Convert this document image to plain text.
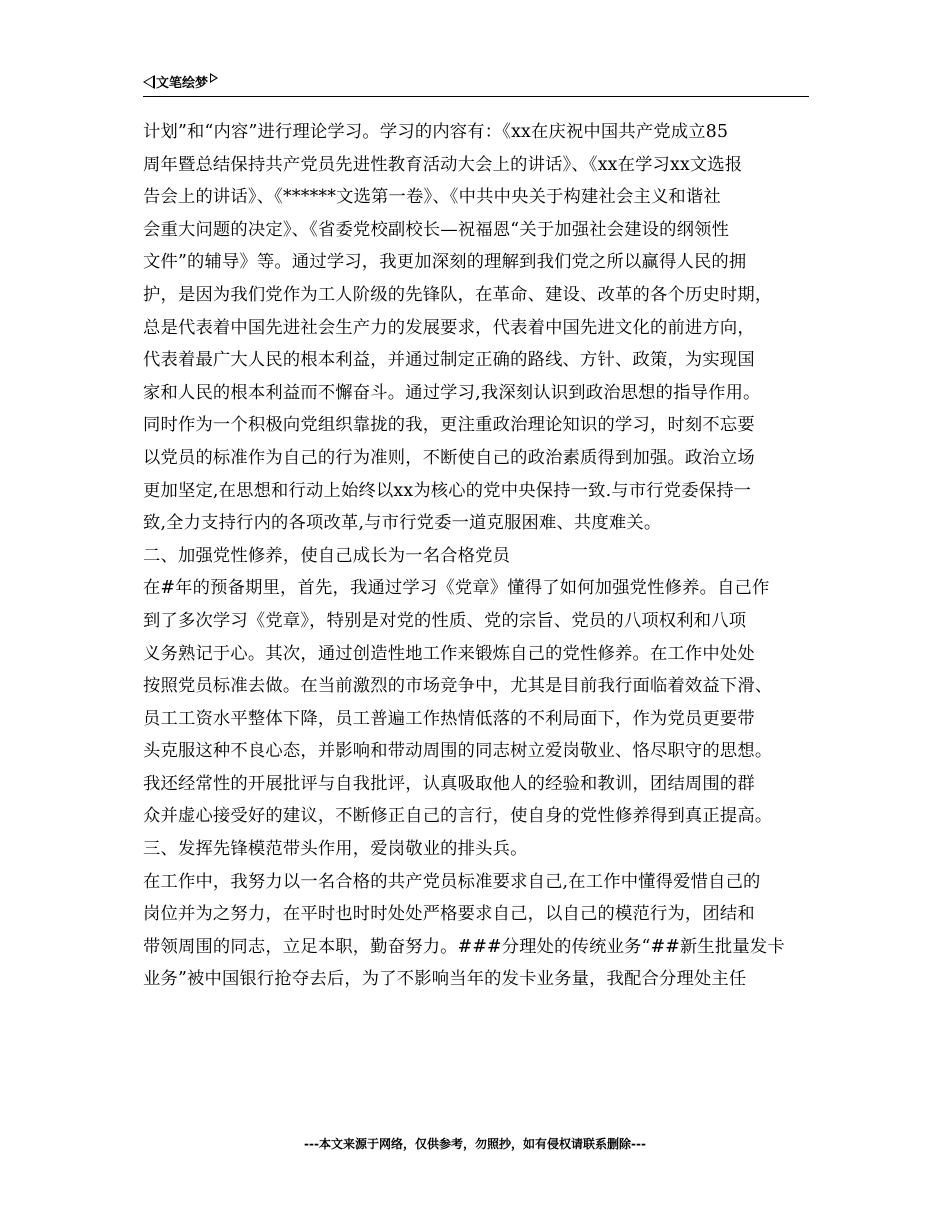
文笔绘梦
计划”和“内容”进行理论学习。学习的内容有：《xx在庆祝中国共产党成立85
周年暨总结保持共产党员先进性教育活动大会上的讲话》、《xx在学习xx文选报
告会上的讲话》、《******文选第一卷》、《中共中央关于构建社会主义和谐社
会重大问题的决定》、《省委党校副校长—祝福恩“关于加强社会建设的纲领性
文件”的辅导》等。通过学习，我更加深刻的理解到我们党之所以赢得人民的拥
护，是因为我们党作为工人阶级的先锋队，在革命、建设、改革的各个历史时期，
总是代表着中国先进社会生产力的发展要求，代表着中国先进文化的前进方向，
代表着最广大人民的根本利益，并通过制定正确的路线、方针、政策，为实现国
家和人民的根本利益而不懈奋斗。通过学习,我深刻认识到政治思想的指导作用。
同时作为一个积极向党组织靠拢的我，更注重政治理论知识的学习，时刻不忘要
以党员的标准作为自己的行为准则，不断使自己的政治素质得到加强。政治立场
更加坚定,在思想和行动上始终以xx为核心的党中央保持一致.与市行党委保持一
致,全力支持行内的各项改革,与市行党委一道克服困难、共度难关。
二、加强党性修养，使自己成长为一名合格党员
在#年的预备期里，首先，我通过学习《党章》懂得了如何加强党性修养。自己作
到了多次学习《党章》，特别是对党的性质、党的宗旨、党员的八项权利和八项
义务熟记于心。其次，通过创造性地工作来锻炼自己的党性修养。在工作中处处
按照党员标准去做。在当前激烈的市场竞争中，尤其是目前我行面临着效益下滑、
员工工资水平整体下降，员工普遍工作热情低落的不利局面下，作为党员更要带
头克服这种不良心态，并影响和带动周围的同志树立爱岗敬业、恪尽职守的思想。
我还经常性的开展批评与自我批评，认真吸取他人的经验和教训，团结周围的群
众并虚心接受好的建议，不断修正自己的言行，使自身的党性修养得到真正提高。
三、发挥先锋模范带头作用，爱岗敬业的排头兵。
在工作中，我努力以一名合格的共产党员标准要求自己,在工作中懂得爱惜自己的
岗位并为之努力，在平时也时时处处严格要求自己，以自己的模范行为，团结和
带领周围的同志，立足本职，勤奋努力。###分理处的传统业务“##新生批量发卡
业务”被中国银行抢夺去后，为了不影响当年的发卡业务量，我配合分理处主任
---本文来源于网络，仅供参考，勿照抄，如有侵权请联系删除---
